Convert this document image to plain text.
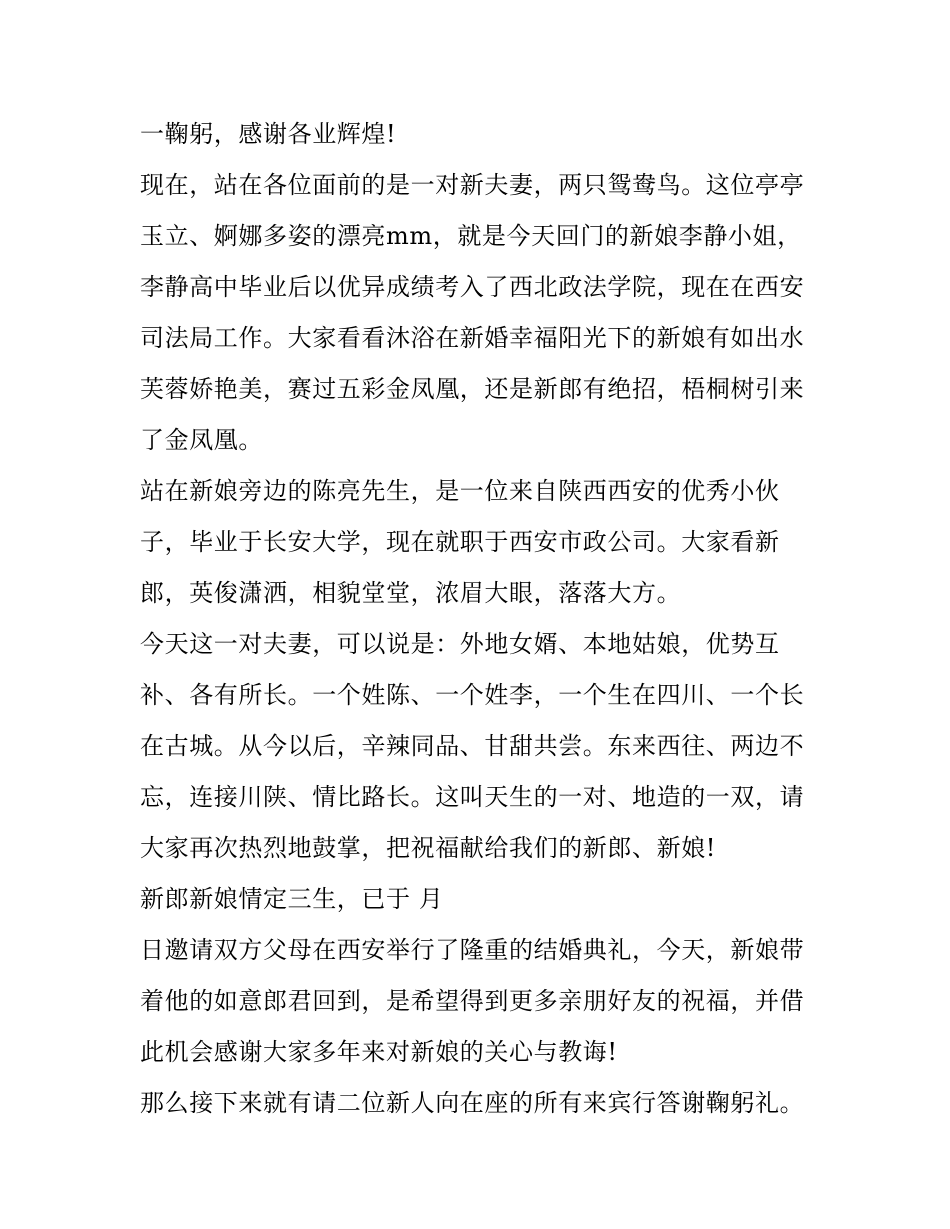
一鞠躬，感谢各业辉煌!

现在，站在各位面前的是一对新夫妻，两只鸳鸯鸟。这位亭亭玉立、婀娜多姿的漂亮mm，就是今天回门的新娘李静小姐，李静高中毕业后以优异成绩考入了西北政法学院，现在在西安司法局工作。大家看看沐浴在新婚幸福阳光下的新娘有如出水芙蓉娇艳美，赛过五彩金凤凰，还是新郎有绝招，梧桐树引来了金凤凰。

站在新娘旁边的陈亮先生，是一位来自陕西西安的优秀小伙子，毕业于长安大学，现在就职于西安市政公司。大家看新郎，英俊潇洒，相貌堂堂，浓眉大眼，落落大方。

今天这一对夫妻，可以说是：外地女婿、本地姑娘，优势互补、各有所长。一个姓陈、一个姓李，一个生在四川、一个长在古城。从今以后，辛辣同品、甘甜共尝。东来西往、两边不忘，连接川陕、情比路长。这叫天生的一对、地造的一双，请大家再次热烈地鼓掌，把祝福献给我们的新郎、新娘!

新郎新娘情定三生，已于 月

日邀请双方父母在西安举行了隆重的结婚典礼，今天，新娘带着他的如意郎君回到，是希望得到更多亲朋好友的祝福，并借此机会感谢大家多年来对新娘的关心与教诲!

那么接下来就有请二位新人向在座的所有来宾行答谢鞠躬礼。
